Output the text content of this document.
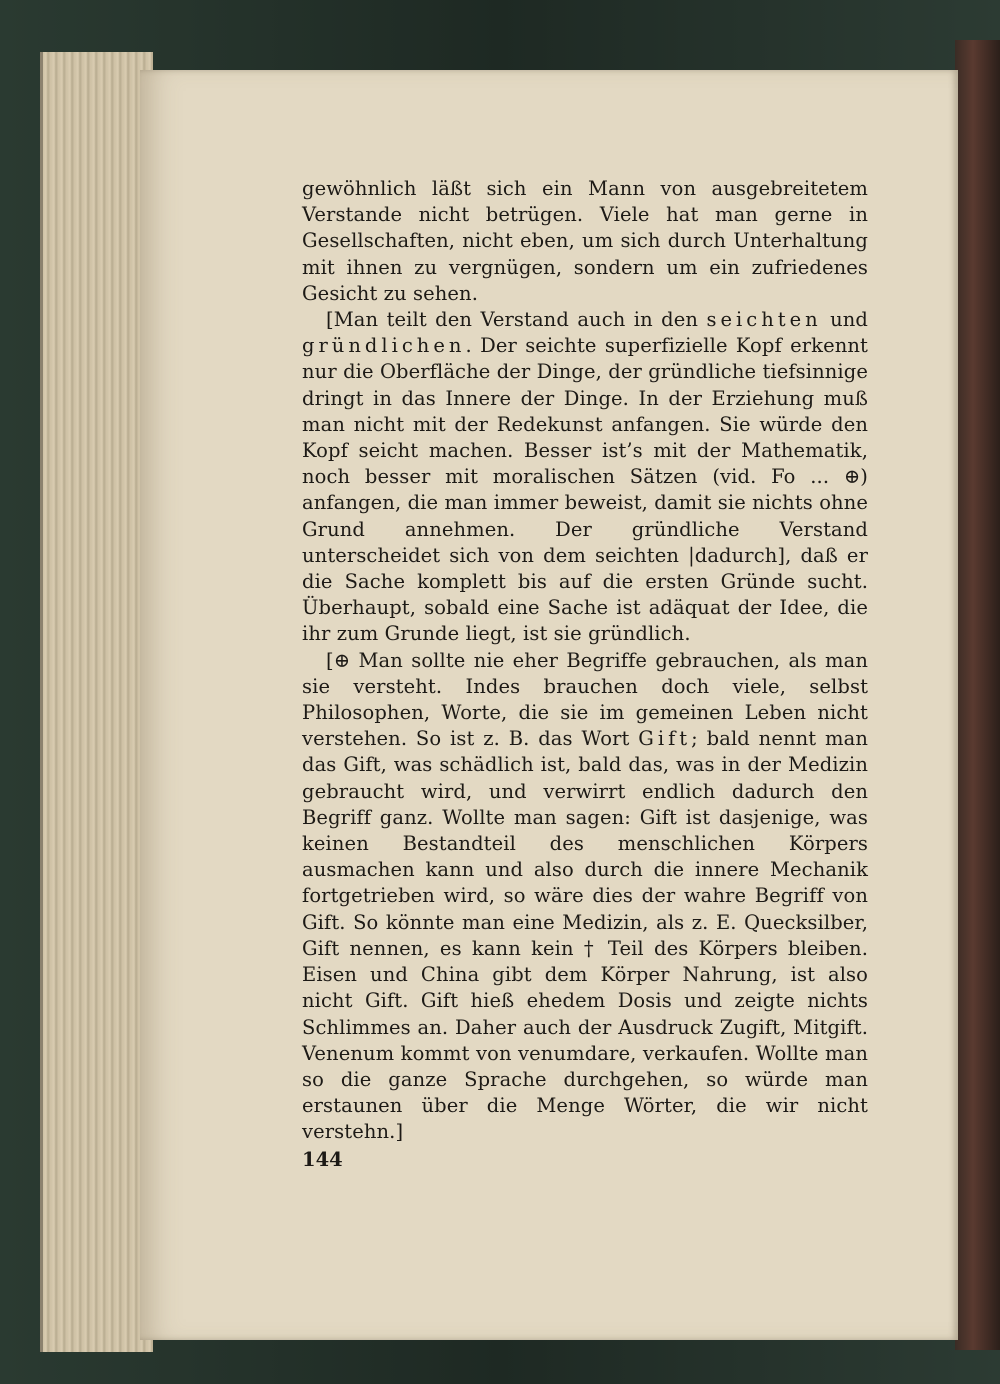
gewöhnlich läßt sich ein Mann von ausgebreitetem Verstande nicht betrügen. Viele hat man gerne in Gesellschaften, nicht eben, um sich durch Unterhaltung mit ihnen zu vergnügen, sondern um ein zufriedenes Gesicht zu sehen.

[Man teilt den Verstand auch in den seichten und gründlichen. Der seichte superfizielle Kopf erkennt nur die Oberfläche der Dinge, der gründliche tiefsinnige dringt in das Innere der Dinge. In der Erziehung muß man nicht mit der Redekunst anfangen. Sie würde den Kopf seicht machen. Besser ist’s mit der Mathematik, noch besser mit moralischen Sätzen (vid. Fo ... ⊕) anfangen, die man immer beweist, damit sie nichts ohne Grund annehmen. Der gründliche Verstand unterscheidet sich von dem seichten |dadurch], daß er die Sache komplett bis auf die ersten Gründe sucht. Überhaupt, sobald eine Sache ist adäquat der Idee, die ihr zum Grunde liegt, ist sie gründlich.

[⊕ Man sollte nie eher Begriffe gebrauchen, als man sie versteht. Indes brauchen doch viele, selbst Philosophen, Worte, die sie im gemeinen Leben nicht verstehen. So ist z. B. das Wort Gift; bald nennt man das Gift, was schädlich ist, bald das, was in der Medizin gebraucht wird, und verwirrt endlich dadurch den Begriff ganz. Wollte man sagen: Gift ist dasjenige, was keinen Bestandteil des menschlichen Körpers ausmachen kann und also durch die innere Mechanik fortgetrieben wird, so wäre dies der wahre Begriff von Gift. So könnte man eine Medizin, als z. E. Quecksilber, Gift nennen, es kann kein † Teil des Körpers bleiben. Eisen und China gibt dem Körper Nahrung, ist also nicht Gift. Gift hieß ehedem Dosis und zeigte nichts Schlimmes an. Daher auch der Ausdruck Zugift, Mitgift. Venenum kommt von venumdare, verkaufen. Wollte man so die ganze Sprache durchgehen, so würde man erstaunen über die Menge Wörter, die wir nicht verstehn.]

144
